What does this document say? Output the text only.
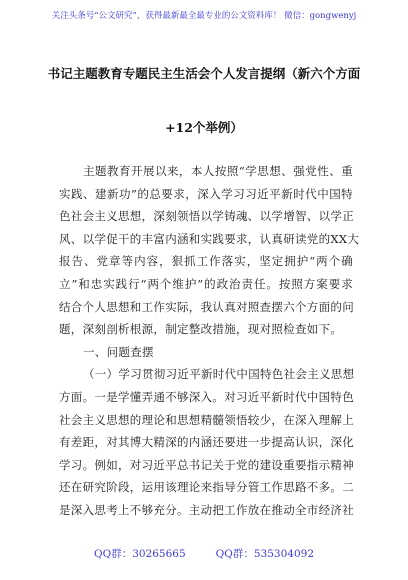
关注头条号“公文研究”，获得最新最全最专业的公文资料库！ 微信：gongwenyj
书记主题教育专题民主生活会个人发言提纲（新六个方面
+12个举例）
主题教育开展以来，本人按照“学思想、强党性、重
实践、建新功”的总要求，深入学习习近平新时代中国特
色社会主义思想，深刻领悟以学铸魂、以学增智、以学正
风、以学促干的丰富内涵和实践要求，认真研读党的XX大
报告、党章等内容，狠抓工作落实，坚定拥护“两个确
立”和忠实践行“两个维护”的政治责任。按照方案要求
结合个人思想和工作实际，我认真对照查摆六个方面的问
题，深刻剖析根源，制定整改措施，现对照检查如下。
一、问题查摆
（一）学习贯彻习近平新时代中国特色社会主义思想
方面。一是学懂弄通不够深入。对习近平新时代中国特色
社会主义思想的理论和思想精髓领悟较少，在深入理解上
有差距，对其博大精深的内涵还要进一步提高认识，深化
学习。例如，对习近平总书记关于党的建设重要指示精神
还在研究阶段，运用该理论来指导分管工作思路不多。二
是深入思考上不够充分。主动把工作放在推动全市经济社
QQ群：30265665	QQ群：535304092
